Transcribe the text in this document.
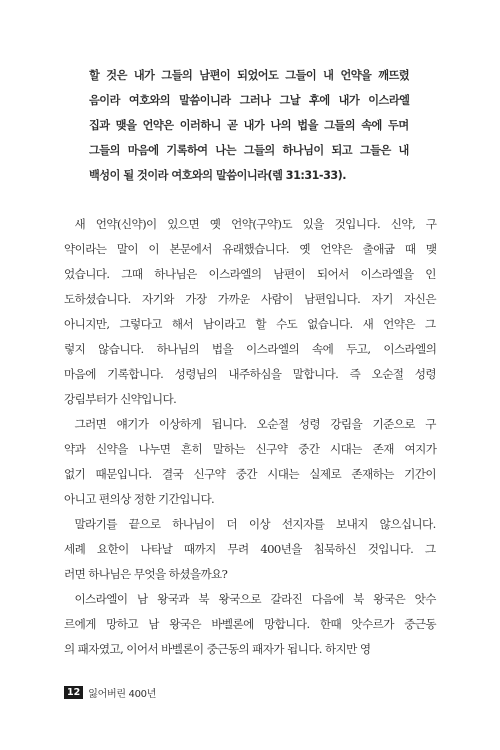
할 것은 내가 그들의 남편이 되었어도 그들이 내 언약을 깨뜨렸

음이라 여호와의 말씀이니라 그러나 그날 후에 내가 이스라엘

집과 맺을 언약은 이러하니 곧 내가 나의 법을 그들의 속에 두며

그들의 마음에 기록하여 나는 그들의 하나님이 되고 그들은 내

백성이 될 것이라 여호와의 말씀이니라(렘 31:31-33).

새 언약(신약)이 있으면 옛 언약(구약)도 있을 것입니다. 신약, 구

약이라는 말이 이 본문에서 유래했습니다. 옛 언약은 출애굽 때 맺

었습니다. 그때 하나님은 이스라엘의 남편이 되어서 이스라엘을 인

도하셨습니다. 자기와 가장 가까운 사람이 남편입니다. 자기 자신은

아니지만, 그렇다고 해서 남이라고 할 수도 없습니다. 새 언약은 그

렇지 않습니다. 하나님의 법을 이스라엘의 속에 두고, 이스라엘의

마음에 기록합니다. 성령님의 내주하심을 말합니다. 즉 오순절 성령

강림부터가 신약입니다.

그러면 얘기가 이상하게 됩니다. 오순절 성령 강림을 기준으로 구

약과 신약을 나누면 흔히 말하는 신구약 중간 시대는 존재 여지가

없기 때문입니다. 결국 신구약 중간 시대는 실제로 존재하는 기간이

아니고 편의상 정한 기간입니다.

말라기를 끝으로 하나님이 더 이상 선지자를 보내지 않으십니다.

세례 요한이 나타날 때까지 무려 400년을 침묵하신 것입니다. 그

러면 하나님은 무엇을 하셨을까요?

이스라엘이 남 왕국과 북 왕국으로 갈라진 다음에 북 왕국은 앗수

르에게 망하고 남 왕국은 바벨론에 망합니다. 한때 앗수르가 중근동

의 패자였고, 이어서 바벨론이 중근동의 패자가 됩니다. 하지만 영

12 잃어버린 400년
